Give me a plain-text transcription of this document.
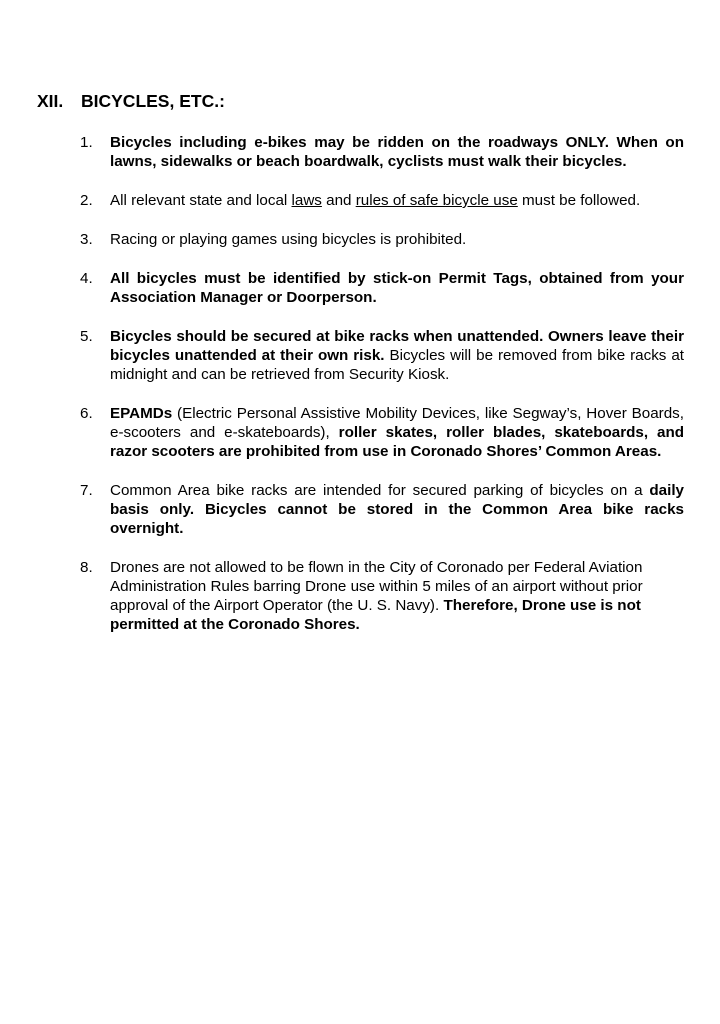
XII. BICYCLES, ETC.:
1. Bicycles including e-bikes may be ridden on the roadways ONLY. When on lawns, sidewalks or beach boardwalk, cyclists must walk their bicycles.
2. All relevant state and local laws and rules of safe bicycle use must be followed.
3. Racing or playing games using bicycles is prohibited.
4. All bicycles must be identified by stick-on Permit Tags, obtained from your Association Manager or Doorperson.
5. Bicycles should be secured at bike racks when unattended. Owners leave their bicycles unattended at their own risk. Bicycles will be removed from bike racks at midnight and can be retrieved from Security Kiosk.
6. EPAMDs (Electric Personal Assistive Mobility Devices, like Segway’s, Hover Boards, e-scooters and e-skateboards), roller skates, roller blades, skateboards, and razor scooters are prohibited from use in Coronado Shores’ Common Areas.
7. Common Area bike racks are intended for secured parking of bicycles on a daily basis only. Bicycles cannot be stored in the Common Area bike racks overnight.
8. Drones are not allowed to be flown in the City of Coronado per Federal Aviation Administration Rules barring Drone use within 5 miles of an airport without prior approval of the Airport Operator (the U. S. Navy). Therefore, Drone use is not permitted at the Coronado Shores.
